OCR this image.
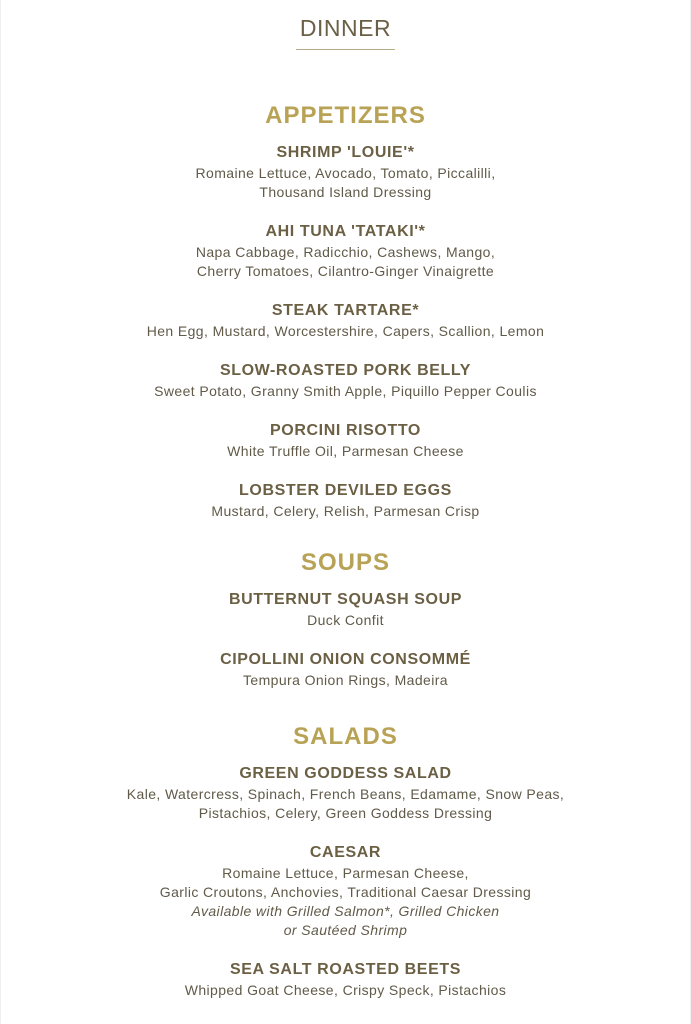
DINNER
APPETIZERS
SHRIMP 'LOUIE'*
Romaine Lettuce, Avocado, Tomato, Piccalilli,
Thousand Island Dressing
AHI TUNA 'TATAKI'*
Napa Cabbage, Radicchio, Cashews, Mango,
Cherry Tomatoes, Cilantro-Ginger Vinaigrette
STEAK TARTARE*
Hen Egg, Mustard, Worcestershire, Capers, Scallion, Lemon
SLOW-ROASTED PORK BELLY
Sweet Potato, Granny Smith Apple, Piquillo Pepper Coulis
PORCINI RISOTTO
White Truffle Oil, Parmesan Cheese
LOBSTER DEVILED EGGS
Mustard, Celery, Relish, Parmesan Crisp
SOUPS
BUTTERNUT SQUASH SOUP
Duck Confit
CIPOLLINI ONION CONSOMMÉ
Tempura Onion Rings, Madeira
SALADS
GREEN GODDESS SALAD
Kale, Watercress, Spinach, French Beans, Edamame, Snow Peas,
Pistachios, Celery, Green Goddess Dressing
CAESAR
Romaine Lettuce, Parmesan Cheese,
Garlic Croutons, Anchovies, Traditional Caesar Dressing
Available with Grilled Salmon*, Grilled Chicken
or Sautéed Shrimp
SEA SALT ROASTED BEETS
Whipped Goat Cheese, Crispy Speck, Pistachios
